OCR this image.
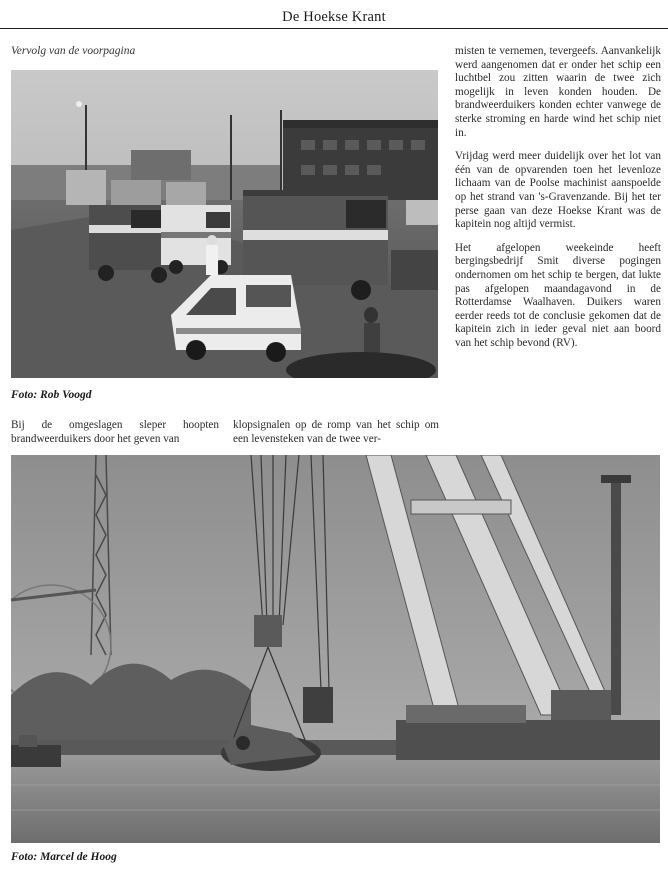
De Hoekse Krant
Vervolg van de voorpagina
Foto: Rob Voogd

Bij de omgeslagen sleper hoopten brandweerduikers door het geven van

klopsignalen op de romp van het schip om een levensteken van de twee ver-

misten te vernemen, tevergeefs. Aanvankelijk werd aangenomen dat er onder het schip een luchtbel zou zitten waarin de twee zich mogelijk in leven konden houden. De brandweerduikers konden echter vanwege de sterke stroming en harde wind het schip niet in.

Vrijdag werd meer duidelijk over het lot van één van de opvarenden toen het levenloze lichaam van de Poolse machinist aanspoelde op het strand van 's-Gravenzande. Bij het ter perse gaan van deze Hoekse Krant was de kapitein nog altijd vermist.

Het afgelopen weekeinde heeft bergingsbedrijf Smit diverse pogingen ondernomen om het schip te bergen, dat lukte pas afgelopen maandagavond in de Rotterdamse Waalhaven. Duikers waren eerder reeds tot de conclusie gekomen dat de kapitein zich in ieder geval niet aan boord van het schip bevond (RV).

Foto: Marcel de Hoog
